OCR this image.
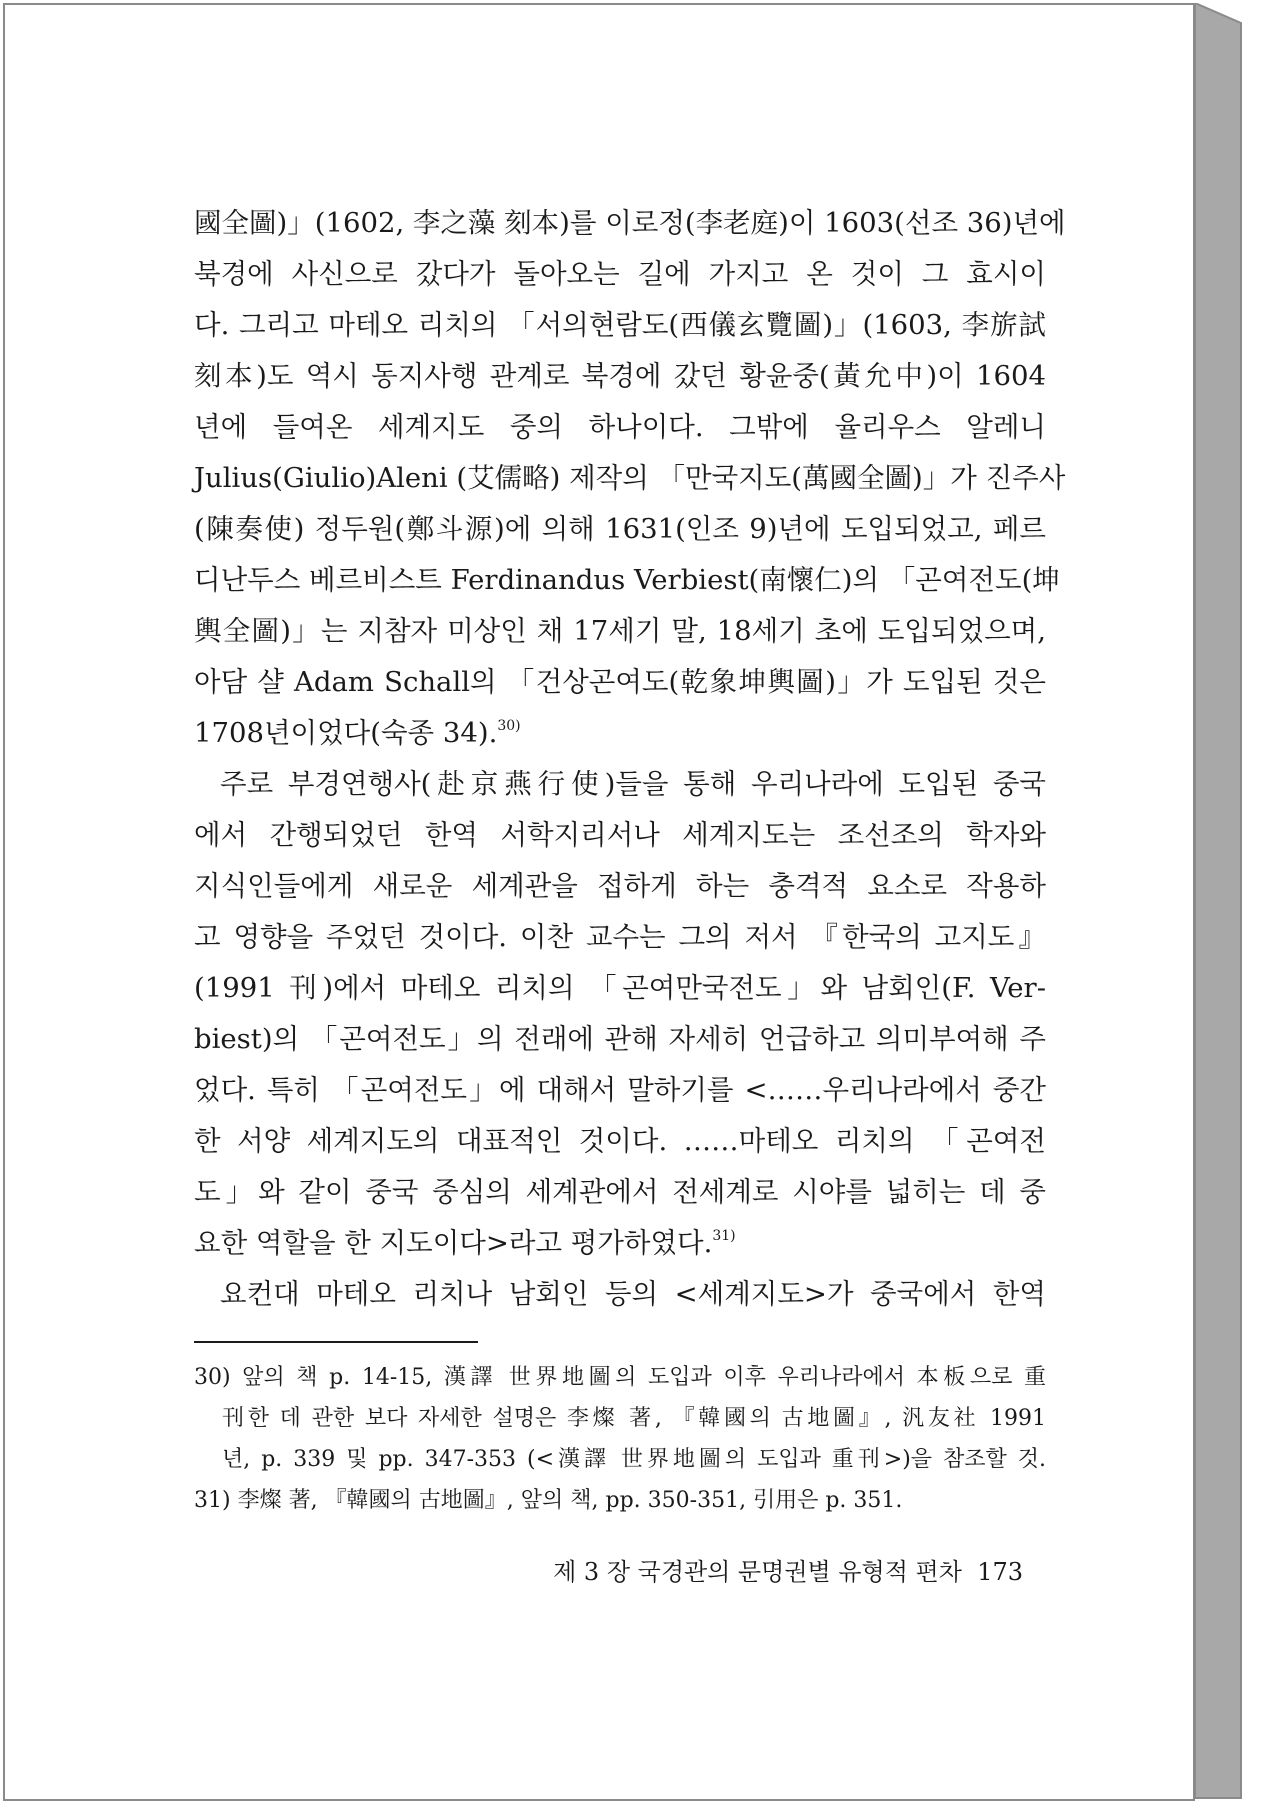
國全圖)」(1602, 李之藻 刻本)를 이로정(李老庭)이 1603(선조 36)년에
북경에 사신으로 갔다가 돌아오는 길에 가지고 온 것이 그 효시이
다. 그리고 마테오 리치의 「서의현람도(西儀玄覽圖)」(1603, 李旂試
刻本)도 역시 동지사행 관계로 북경에 갔던 황윤중(黃允中)이 1604
년에 들여온 세계지도 중의 하나이다. 그밖에 율리우스 알레니
Julius(Giulio)Aleni (艾儒略) 제작의 「만국지도(萬國全圖)」가 진주사
(陳奏使) 정두원(鄭斗源)에 의해 1631(인조 9)년에 도입되었고, 페르
디난두스 베르비스트 Ferdinandus Verbiest(南懷仁)의 「곤여전도(坤
輿全圖)」는 지참자 미상인 채 17세기 말, 18세기 초에 도입되었으며,
아담 샬 Adam Schall의 「건상곤여도(乾象坤輿圖)」가 도입된 것은
1708년이었다(숙종 34).$^{30)}$
주로 부경연행사(赴京燕行使)들을 통해 우리나라에 도입된 중국
에서 간행되었던 한역 서학지리서나 세계지도는 조선조의 학자와
지식인들에게 새로운 세계관을 접하게 하는 충격적 요소로 작용하
고 영향을 주었던 것이다. 이찬 교수는 그의 저서 『한국의 고지도』
(1991 刊)에서 마테오 리치의 「곤여만국전도」와 남회인(F. Ver-
biest)의 「곤여전도」의 전래에 관해 자세히 언급하고 의미부여해 주
었다. 특히 「곤여전도」에 대해서 말하기를 <……우리나라에서 중간
한 서양 세계지도의 대표적인 것이다. ……마테오 리치의 「곤여전
도」와 같이 중국 중심의 세계관에서 전세계로 시야를 넓히는 데 중
요한 역할을 한 지도이다>라고 평가하였다.$^{31)}$
요컨대 마테오 리치나 남회인 등의 <세계지도>가 중국에서 한역
30) 앞의 책 p. 14-15, 漢譯 世界地圖의 도입과 이후 우리나라에서 本板으로 重
刊한 데 관한 보다 자세한 설명은 李燦 著, 『韓國의 古地圖』, 汎友社 1991
년, p. 339 및 pp. 347-353 (<漢譯 世界地圖의 도입과 重刊>)을 참조할 것.
31) 李燦 著, 『韓國의 古地圖』, 앞의 책, pp. 350-351, 引用은 p. 351.
제 3 장 국경관의 문명권별 유형적 편차 173
